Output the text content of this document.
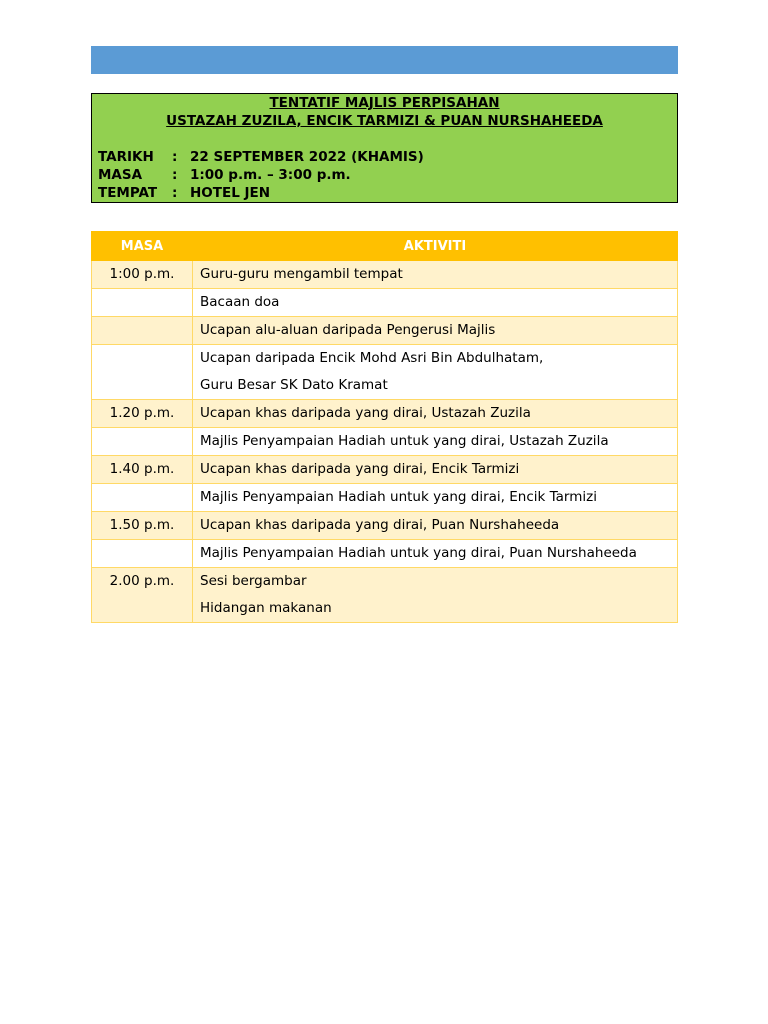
TENTATIF MAJLIS PERPISAHAN
USTAZAH ZUZILA, ENCIK TARMIZI & PUAN NURSHAHEEDA
TARIKH : 22 SEPTEMBER 2022 (KHAMIS)
MASA : 1:00 p.m. – 3:00 p.m.
TEMPAT : HOTEL JEN
MASA	AKTIVITI
1:00 p.m.	Guru-guru mengambil tempat

	Bacaan doa

	Ucapan alu-aluan daripada Pengerusi Majlis

	Ucapan daripada Encik Mohd Asri Bin Abdulhatam,
Guru Besar SK Dato Kramat

1.20 p.m.	Ucapan khas daripada yang dirai, Ustazah Zuzila

	Majlis Penyampaian Hadiah untuk yang dirai, Ustazah Zuzila

1.40 p.m.	Ucapan khas daripada yang dirai, Encik Tarmizi

	Majlis Penyampaian Hadiah untuk yang dirai, Encik Tarmizi

1.50 p.m.	Ucapan khas daripada yang dirai, Puan Nurshaheeda

	Majlis Penyampaian Hadiah untuk yang dirai, Puan Nurshaheeda

2.00 p.m.	Sesi bergambar
Hidangan makanan
